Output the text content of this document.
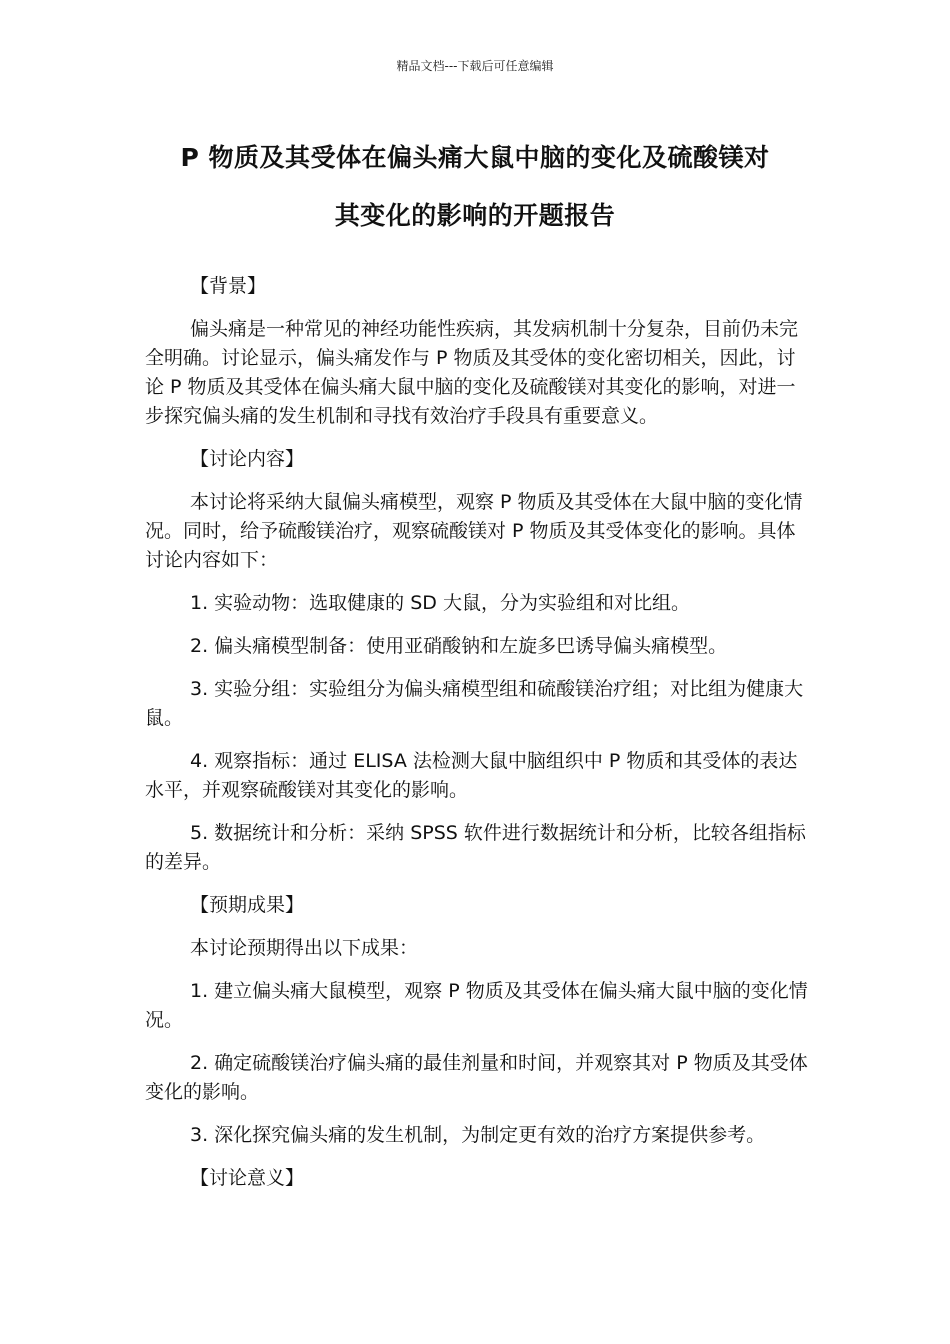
精品文档---下载后可任意编辑
P 物质及其受体在偏头痛大鼠中脑的变化及硫酸镁对
其变化的影响的开题报告

【背景】

偏头痛是一种常见的神经功能性疾病，其发病机制十分复杂，目前仍未完全明确。讨论显示，偏头痛发作与 P 物质及其受体的变化密切相关，因此，讨论 P 物质及其受体在偏头痛大鼠中脑的变化及硫酸镁对其变化的影响，对进一步探究偏头痛的发生机制和寻找有效治疗手段具有重要意义。

【讨论内容】

本讨论将采纳大鼠偏头痛模型，观察 P 物质及其受体在大鼠中脑的变化情况。同时，给予硫酸镁治疗，观察硫酸镁对 P 物质及其受体变化的影响。具体讨论内容如下：

1. 实验动物：选取健康的 SD 大鼠，分为实验组和对比组。

2. 偏头痛模型制备：使用亚硝酸钠和左旋多巴诱导偏头痛模型。

3. 实验分组：实验组分为偏头痛模型组和硫酸镁治疗组；对比组为健康大鼠。

4. 观察指标：通过 ELISA 法检测大鼠中脑组织中 P 物质和其受体的表达水平，并观察硫酸镁对其变化的影响。

5. 数据统计和分析：采纳 SPSS 软件进行数据统计和分析，比较各组指标的差异。

【预期成果】

本讨论预期得出以下成果：

1. 建立偏头痛大鼠模型，观察 P 物质及其受体在偏头痛大鼠中脑的变化情况。

2. 确定硫酸镁治疗偏头痛的最佳剂量和时间，并观察其对 P 物质及其受体变化的影响。

3. 深化探究偏头痛的发生机制，为制定更有效的治疗方案提供参考。

【讨论意义】
